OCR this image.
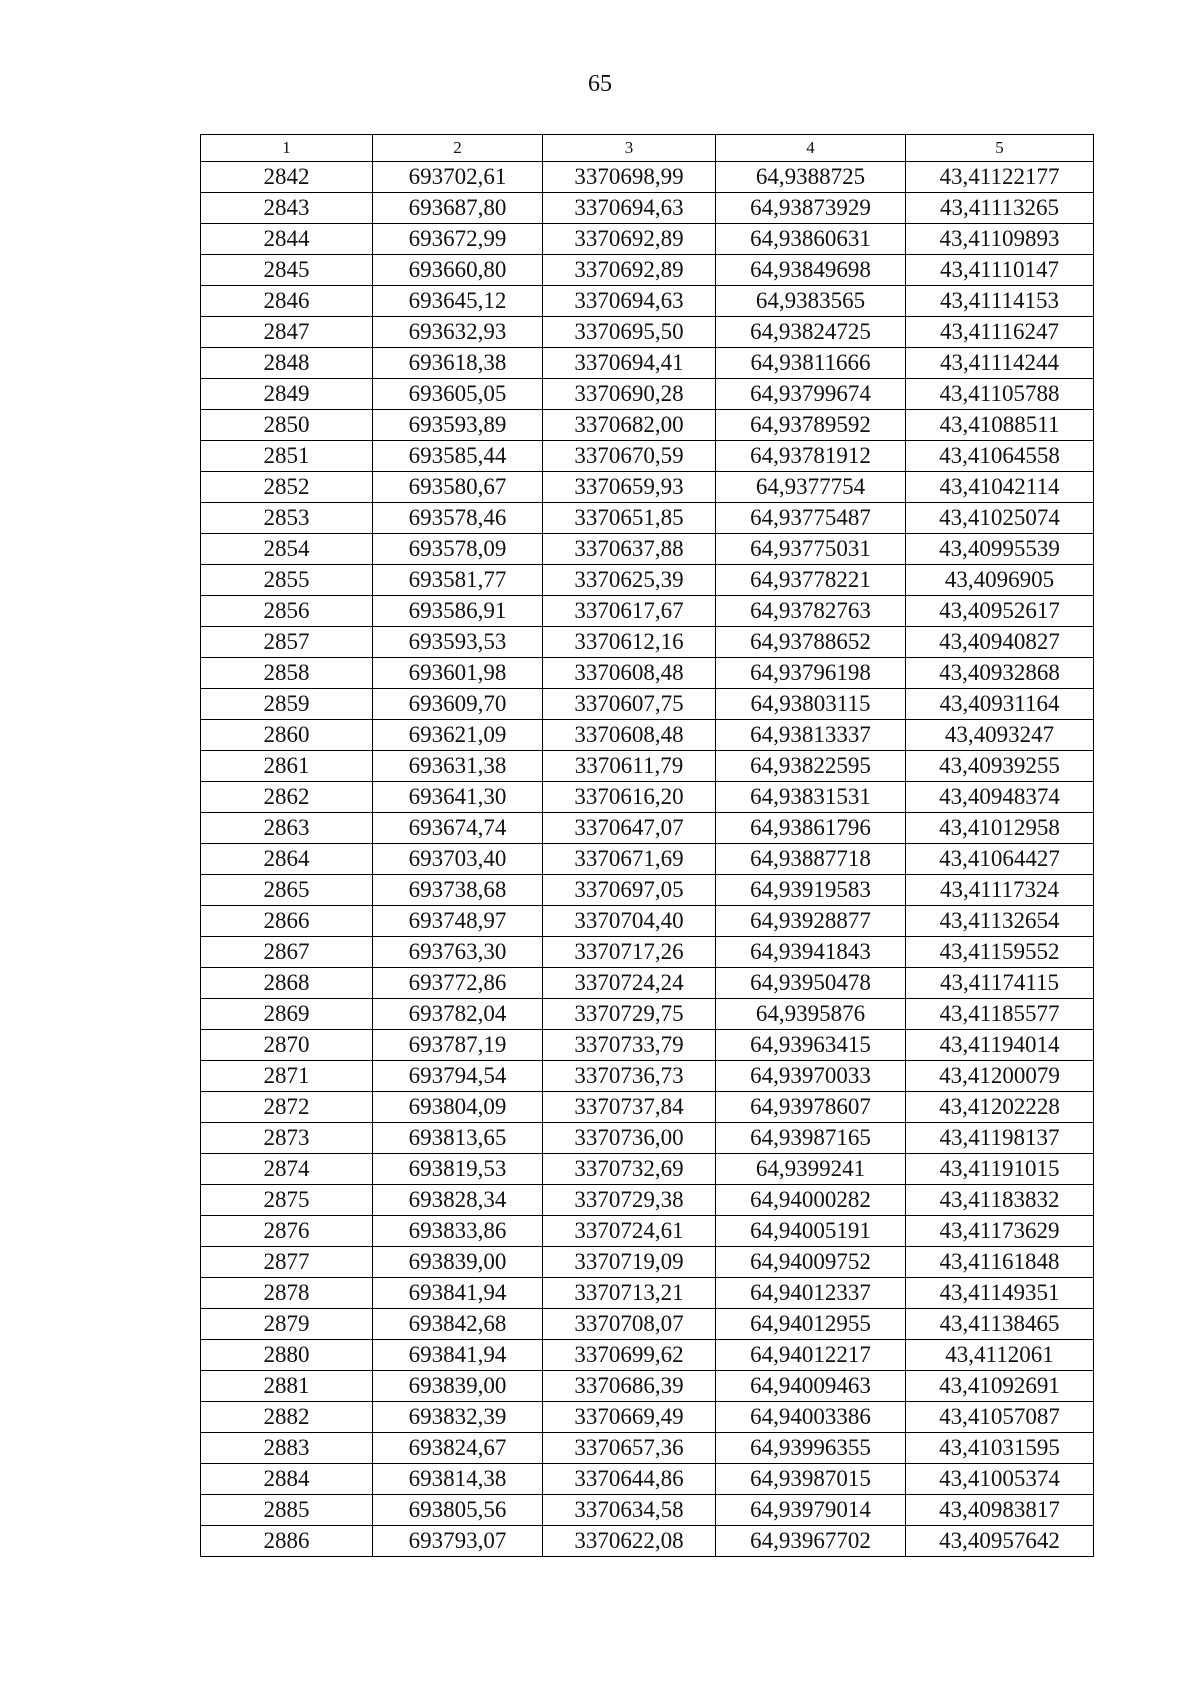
65
1	2	3	4	5
2842	693702,61	3370698,99	64,9388725	43,41122177
2843	693687,80	3370694,63	64,93873929	43,41113265
2844	693672,99	3370692,89	64,93860631	43,41109893
2845	693660,80	3370692,89	64,93849698	43,41110147
2846	693645,12	3370694,63	64,9383565	43,41114153
2847	693632,93	3370695,50	64,93824725	43,41116247
2848	693618,38	3370694,41	64,93811666	43,41114244
2849	693605,05	3370690,28	64,93799674	43,41105788
2850	693593,89	3370682,00	64,93789592	43,41088511
2851	693585,44	3370670,59	64,93781912	43,41064558
2852	693580,67	3370659,93	64,9377754	43,41042114
2853	693578,46	3370651,85	64,93775487	43,41025074
2854	693578,09	3370637,88	64,93775031	43,40995539
2855	693581,77	3370625,39	64,93778221	43,4096905
2856	693586,91	3370617,67	64,93782763	43,40952617
2857	693593,53	3370612,16	64,93788652	43,40940827
2858	693601,98	3370608,48	64,93796198	43,40932868
2859	693609,70	3370607,75	64,93803115	43,40931164
2860	693621,09	3370608,48	64,93813337	43,4093247
2861	693631,38	3370611,79	64,93822595	43,40939255
2862	693641,30	3370616,20	64,93831531	43,40948374
2863	693674,74	3370647,07	64,93861796	43,41012958
2864	693703,40	3370671,69	64,93887718	43,41064427
2865	693738,68	3370697,05	64,93919583	43,41117324
2866	693748,97	3370704,40	64,93928877	43,41132654
2867	693763,30	3370717,26	64,93941843	43,41159552
2868	693772,86	3370724,24	64,93950478	43,41174115
2869	693782,04	3370729,75	64,9395876	43,41185577
2870	693787,19	3370733,79	64,93963415	43,41194014
2871	693794,54	3370736,73	64,93970033	43,41200079
2872	693804,09	3370737,84	64,93978607	43,41202228
2873	693813,65	3370736,00	64,93987165	43,41198137
2874	693819,53	3370732,69	64,9399241	43,41191015
2875	693828,34	3370729,38	64,94000282	43,41183832
2876	693833,86	3370724,61	64,94005191	43,41173629
2877	693839,00	3370719,09	64,94009752	43,41161848
2878	693841,94	3370713,21	64,94012337	43,41149351
2879	693842,68	3370708,07	64,94012955	43,41138465
2880	693841,94	3370699,62	64,94012217	43,4112061
2881	693839,00	3370686,39	64,94009463	43,41092691
2882	693832,39	3370669,49	64,94003386	43,41057087
2883	693824,67	3370657,36	64,93996355	43,41031595
2884	693814,38	3370644,86	64,93987015	43,41005374
2885	693805,56	3370634,58	64,93979014	43,40983817
2886	693793,07	3370622,08	64,93967702	43,40957642
